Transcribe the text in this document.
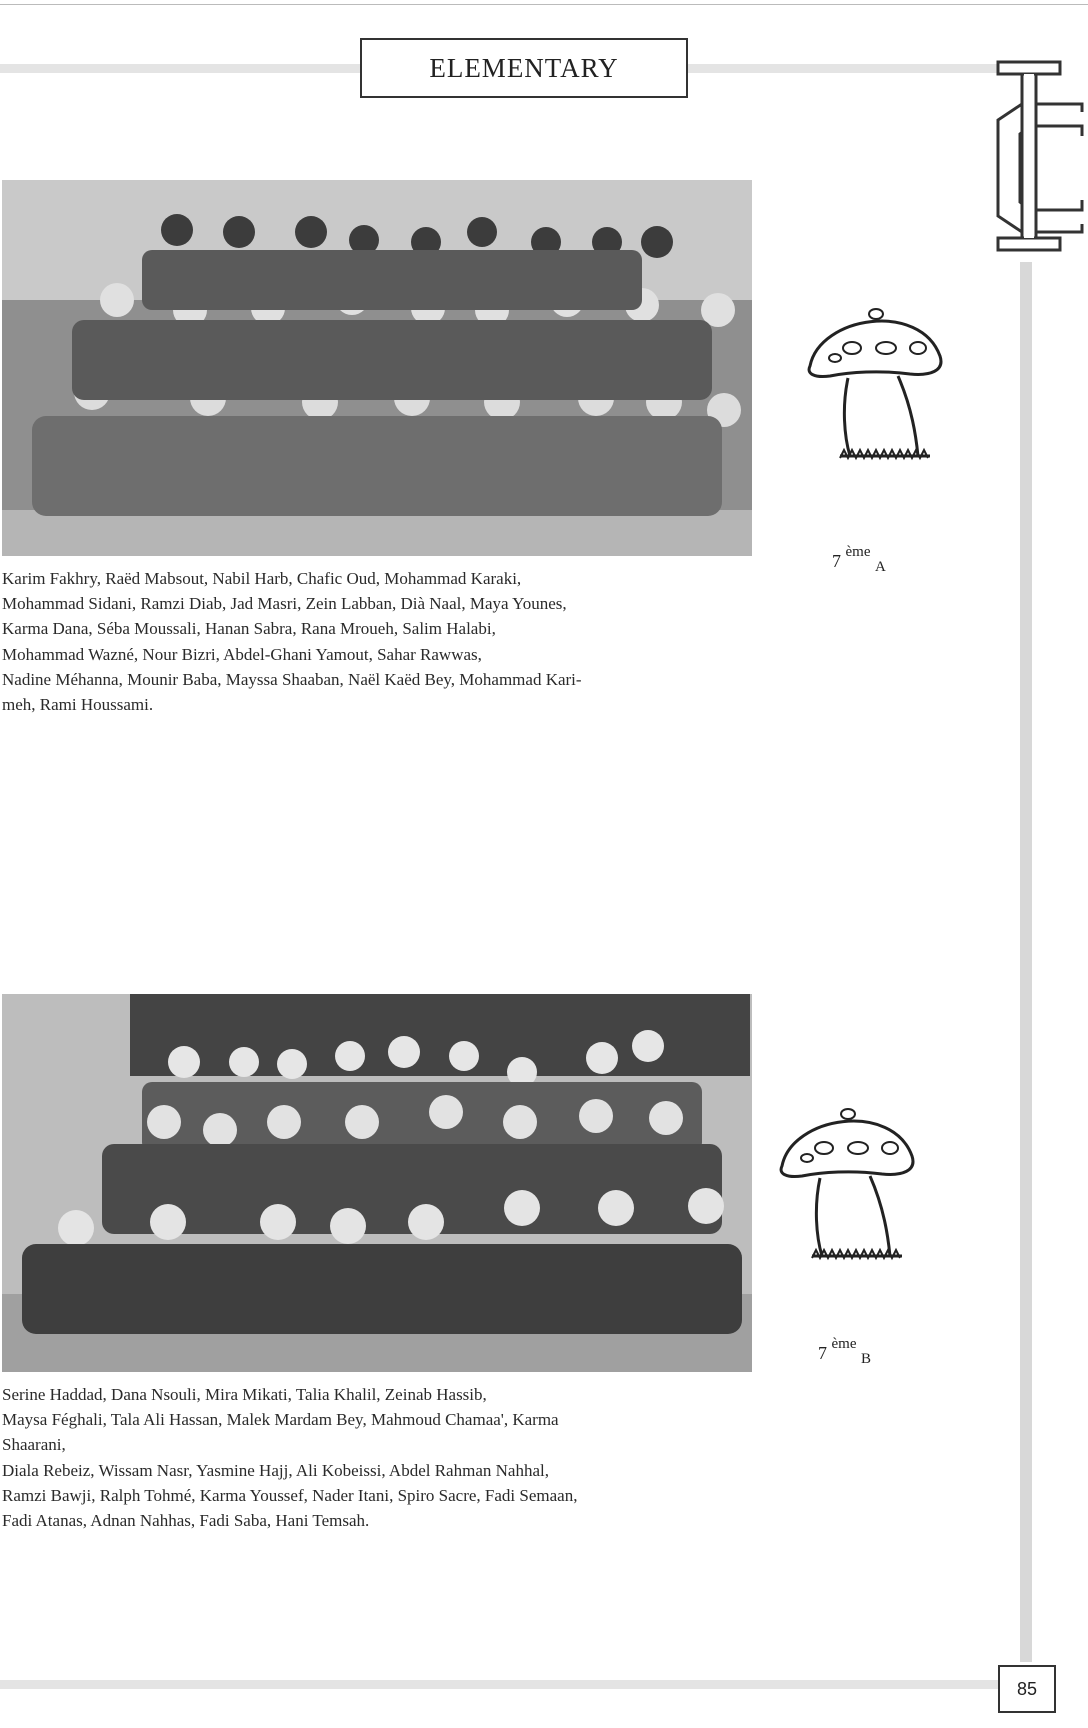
ELEMENTARY
7 $^{ème}$ $_A$
Karim Fakhry, Raëd Mabsout, Nabil Harb, Chafic Oud, Mohammad Karaki,
Mohammad Sidani, Ramzi Diab, Jad Masri, Zein Labban, Dià Naal, Maya Younes,
Karma Dana, Séba Moussali, Hanan Sabra, Rana Mroueh, Salim Halabi,
Mohammad Wazné, Nour Bizri, Abdel-Ghani Yamout, Sahar Rawwas,
Nadine Méhanna, Mounir Baba, Mayssa Shaaban, Naël Kaëd Bey, Mohammad Kari-
meh, Rami Houssami.
7 $^{ème}$ $_B$
Serine Haddad, Dana Nsouli, Mira Mikati, Talia Khalil, Zeinab Hassib,
Maysa Féghali, Tala Ali Hassan, Malek Mardam Bey, Mahmoud Chamaa', Karma
Shaarani,
Diala Rebeiz, Wissam Nasr, Yasmine Hajj, Ali Kobeissi, Abdel Rahman Nahhal,
Ramzi Bawji, Ralph Tohmé, Karma Youssef, Nader Itani, Spiro Sacre, Fadi Semaan,
Fadi Atanas, Adnan Nahhas, Fadi Saba, Hani Temsah.
85
